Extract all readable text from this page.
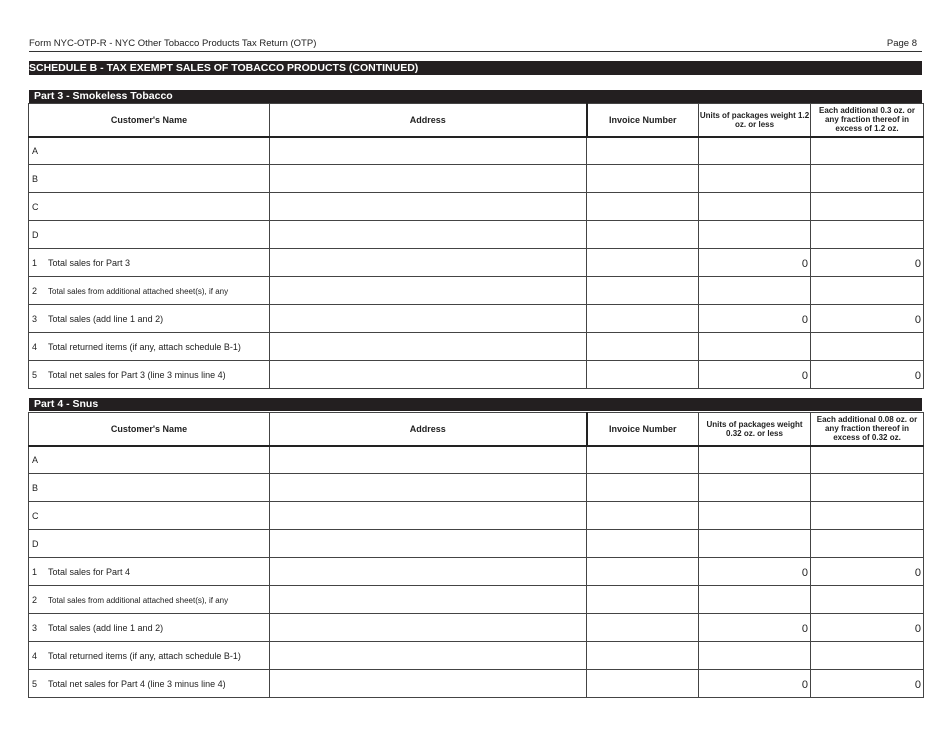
Form NYC-OTP-R - NYC Other Tobacco Products Tax Return (OTP)	Page 8
SCHEDULE B - TAX EXEMPT SALES OF TOBACCO PRODUCTS (CONTINUED)
Part 3 - Smokeless Tobacco
Customer's Name	Address	Invoice Number	Units of packages weight 1.2 oz. or less	Each additional 0.3 oz. or any fraction thereof in excess of 1.2 oz.
A				
B				
C				
D				
1 Total sales for Part 3			0	0
2 Total sales from additional attached sheet(s), if any				
3 Total sales (add line 1 and 2)			0	0
4 Total returned items (if any, attach schedule B-1)				
5 Total net sales for Part 3 (line 3 minus line 4)			0	0
Part 4 - Snus
Customer's Name	Address	Invoice Number	Units of packages weight 0.32 oz. or less	Each additional 0.08 oz. or any fraction thereof in excess of 0.32 oz.
A				
B				
C				
D				
1 Total sales for Part 4			0	0
2 Total sales from additional attached sheet(s), if any				
3 Total sales (add line 1 and 2)			0	0
4 Total returned items (if any, attach schedule B-1)				
5 Total net sales for Part 4 (line 3 minus line 4)			0	0
